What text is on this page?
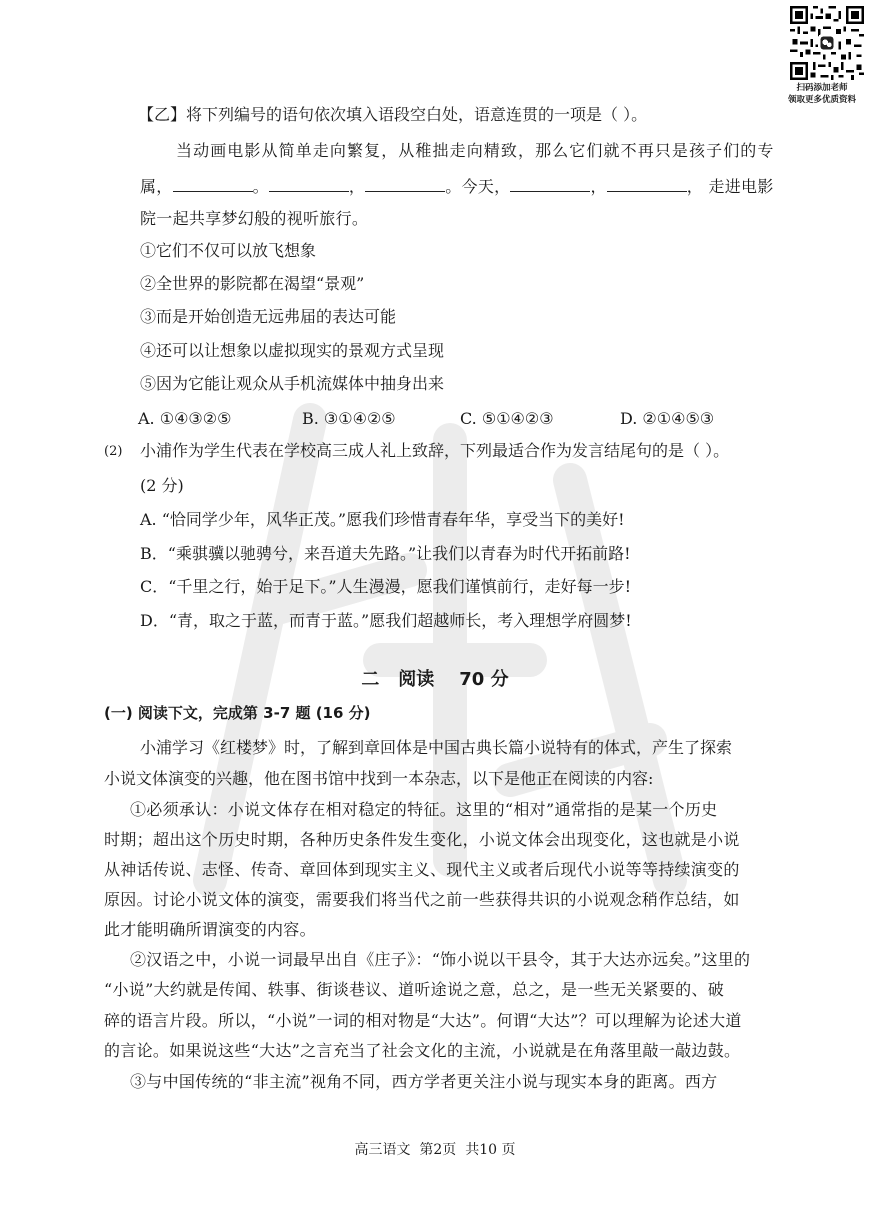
扫码添加老师
领取更多优质资料
【乙】将下列编号的语句依次填入语段空白处，语意连贯的一项是（ ）。
当动画电影从简单走向繁复，从稚拙走向精致，那么它们就不再只是孩子们的专
属，	。	，	。今天，	，	， 走进电影
院一起共享梦幻般的视听旅行。
①它们不仅可以放飞想象
②全世界的影院都在渴望“景观”
③而是开始创造无远弗届的表达可能
④还可以让想象以虚拟现实的景观方式呈现
⑤因为它能让观众从手机流媒体中抽身出来
A. ①④③②⑤	B. ③①④②⑤	C. ⑤①④②③	D. ②①④⑤③
(2) 小浦作为学生代表在学校高三成人礼上致辞，下列最适合作为发言结尾句的是（ ）。
(2 分)
A. “恰同学少年，风华正茂。”愿我们珍惜青春年华，享受当下的美好!
B．“乘骐骥以驰骋兮，来吾道夫先路。”让我们以青春为时代开拓前路!
C．“千里之行，始于足下。”人生漫漫，愿我们谨慎前行，走好每一步!
D．“青，取之于蓝，而青于蓝。”愿我们超越师长，考入理想学府圆梦!
二   阅读    70 分
(一) 阅读下文，完成第 3-7 题 (16 分)
小浦学习《红楼梦》时，了解到章回体是中国古典长篇小说特有的体式，产生了探索
小说文体演变的兴趣，他在图书馆中找到一本杂志，以下是他正在阅读的内容:
①必须承认：小说文体存在相对稳定的特征。这里的“相对”通常指的是某一个历史
时期；超出这个历史时期，各种历史条件发生变化，小说文体会出现变化，这也就是小说
从神话传说、志怪、传奇、章回体到现实主义、现代主义或者后现代小说等等持续演变的
原因。讨论小说文体的演变，需要我们将当代之前一些获得共识的小说观念稍作总结，如
此才能明确所谓演变的内容。
②汉语之中，小说一词最早出自《庄子》：“饰小说以干县令，其于大达亦远矣。”这里的
“小说”大约就是传闻、轶事、街谈巷议、道听途说之意，总之，是一些无关紧要的、破
碎的语言片段。所以，“小说”一词的相对物是“大达”。何谓“大达”？可以理解为论述大道
的言论。如果说这些“大达”之言充当了社会文化的主流，小说就是在角落里敲一敲边鼓。
③与中国传统的“非主流”视角不同，西方学者更关注小说与现实本身的距离。西方
高三语文  第2页  共10 页
